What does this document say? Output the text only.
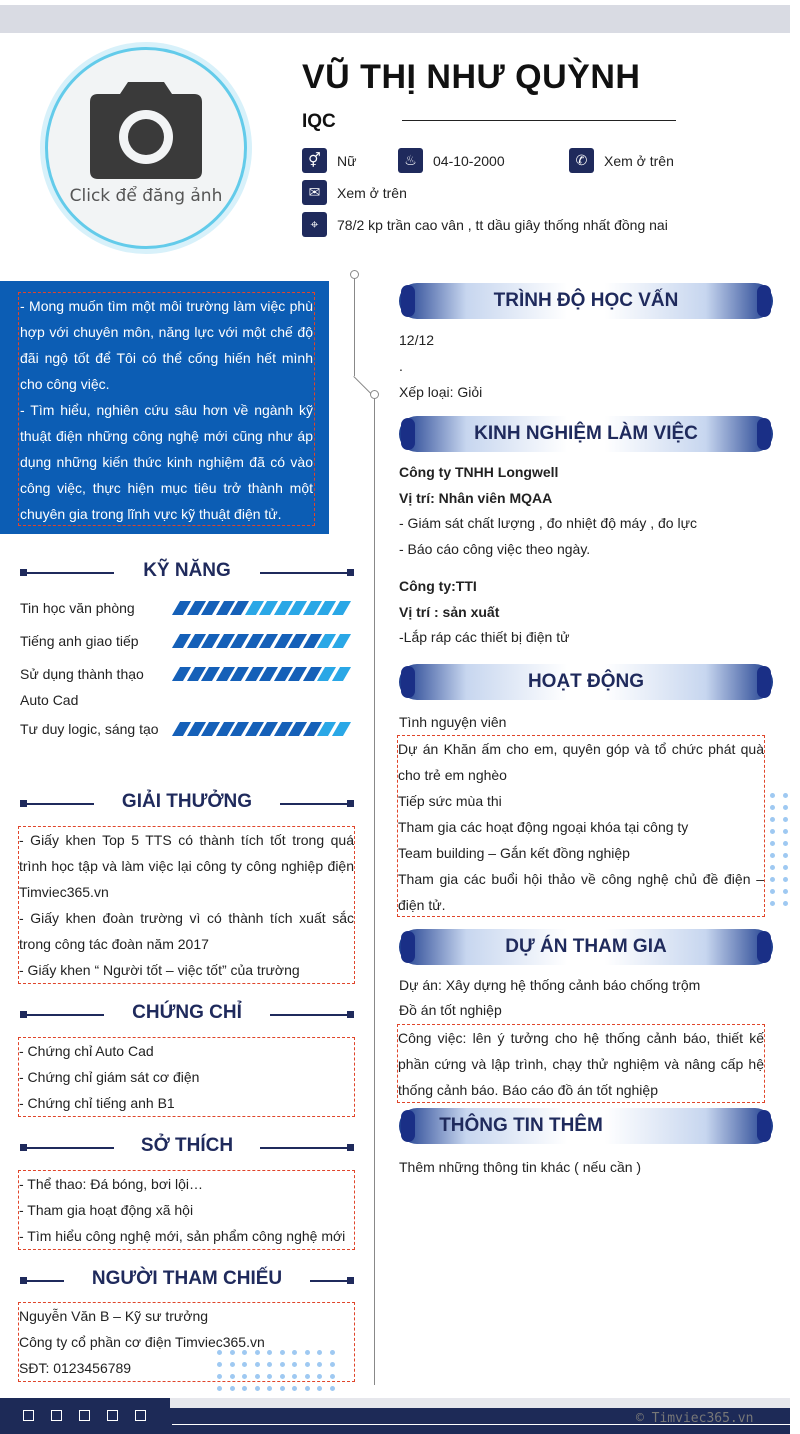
Click để đăng ảnh
VŨ THỊ NHƯ QUỲNH
IQC
⚥	Nữ	♨	04-10-2000	✆	Xem ở trên
✉	Xem ở trên
⌖	78/2 kp trần cao vân , tt dầu giây thống nhất đồng nai
- Mong muốn tìm một môi trường làm việc phù hợp với chuyên môn, năng lực với một chế độ đãi ngộ tốt để Tôi có thể cống hiến hết mình cho công việc.
- Tìm hiểu, nghiên cứu sâu hơn về ngành kỹ thuật điện những công nghệ mới cũng như áp dụng những kiến thức kinh nghiệm đã có vào công việc, thực hiện mục tiêu trở thành một chuyên gia trong lĩnh vực kỹ thuật điện tử.
KỸ NĂNG
Tin học văn phòng
Tiếng anh giao tiếp
Sử dụng thành thạo Auto Cad
Tư duy logic, sáng tạo
GIẢI THƯỞNG
- Giấy khen Top 5 TTS có thành tích tốt trong quá trình học tập và làm việc lại công ty công nghiệp điện Timviec365.vn
- Giấy khen đoàn trường vì có thành tích xuất sắc trong công tác đoàn năm 2017
- Giấy khen “ Người tốt – việc tốt” của trường
CHỨNG CHỈ

- Chứng chỉ Auto Cad

- Chứng chỉ giám sát cơ điện

- Chứng chỉ tiếng anh B1

SỞ THÍCH

- Thể thao: Đá bóng, bơi lội…

- Tham gia hoạt động xã hội

- Tìm hiểu công nghệ mới, sản phẩm công nghệ mới

NGƯỜI THAM CHIẾU

Nguyễn Văn B – Kỹ sư trưởng

Công ty cổ phần cơ điện Timviec365.vn

SĐT: 0123456789

TRÌNH ĐỘ HỌC VẤN

12/12

.

Xếp loại: Giỏi

KINH NGHIỆM LÀM VIỆC

Công ty TNHH Longwell

Vị trí: Nhân viên MQAA

- Giám sát chất lượng , đo nhiệt độ máy , đo lực

- Báo cáo công việc theo ngày.

Công ty:TTI

Vị trí : sản xuất

-Lắp ráp các thiết bị điện tử

HOẠT ĐỘNG
Tình nguyện viên
Dự án Khăn ấm cho em, quyên góp và tổ chức phát quà cho trẻ em nghèo
Tiếp sức mùa thi
Tham gia các hoạt động ngoại khóa tại công ty
Team building – Gắn kết đồng nghiệp
Tham gia các buổi hội thảo về công nghệ chủ đề điện – điện tử.
DỰ ÁN THAM GIA

Dự án: Xây dựng hệ thống cảnh báo chống trộm

Đồ án tốt nghiệp

Công việc: lên ý tưởng cho hệ thống cảnh báo, thiết kế phần cứng và lập trình, chạy thử nghiệm và nâng cấp hệ thống cảnh báo. Báo cáo đồ án tốt nghiệp
THÔNG TIN THÊM
Thêm những thông tin khác ( nếu cần )
© Timviec365.vn
